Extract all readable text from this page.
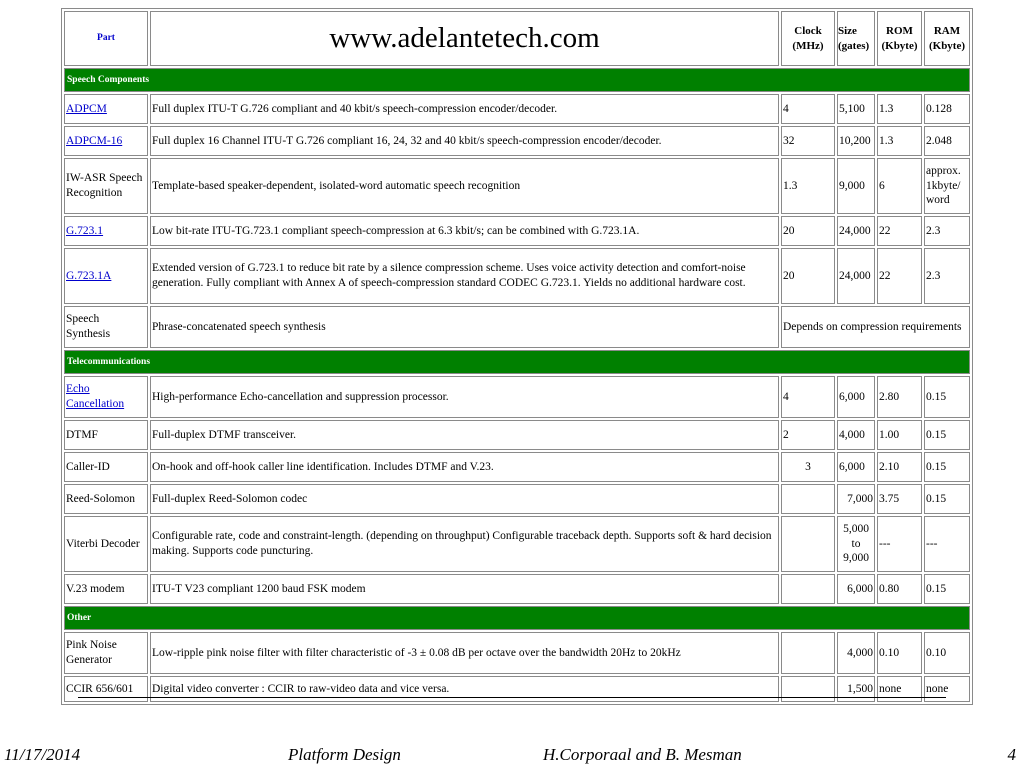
Part	www.adelantetech.com	Clock (MHz)	Size (gates)	ROM (Kbyte)	RAM (Kbyte)
Speech Components					
ADPCM	Full duplex ITU-T G.726 compliant and 40 kbit/s speech-compression encoder/decoder.	4	5,100	1.3	0.128
ADPCM-16	Full duplex 16 Channel ITU-T G.726 compliant 16, 24, 32 and 40 kbit/s speech-compression encoder/decoder.	32	10,200	1.3	2.048
IW-ASR Speech Recognition	Template-based speaker-dependent, isolated-word automatic speech recognition	1.3	9,000	6	approx. 1kbyte/ word
G.723.1	Low bit-rate ITU-TG.723.1 compliant speech-compression at 6.3 kbit/s; can be combined with G.723.1A.	20	24,000	22	2.3
G.723.1A	Extended version of G.723.1 to reduce bit rate by a silence compression scheme. Uses voice activity detection and comfort-noise generation. Fully compliant with Annex A of speech-compression standard CODEC G.723.1. Yields no additional hardware cost.	20	24,000	22	2.3
Speech Synthesis	Phrase-concatenated speech synthesis	Depends on compression requirements			
Telecommunications					
Echo Cancellation	High-performance Echo-cancellation and suppression processor.	4	6,000	2.80	0.15
DTMF	Full-duplex DTMF transceiver.	2	4,000	1.00	0.15
Caller-ID	On-hook and off-hook caller line identification. Includes DTMF and V.23.	3	6,000	2.10	0.15
Reed-Solomon	Full-duplex Reed-Solomon codec		7,000	3.75	0.15
Viterbi Decoder	Configurable rate, code and constraint-length. (depending on throughput) Configurable traceback depth. Supports soft & hard decision making. Supports code puncturing.		5,000 to 9,000	---	---
V.23 modem	ITU-T V23 compliant 1200 baud FSK modem		6,000	0.80	0.15
Other					
Pink Noise Generator	Low-ripple pink noise filter with filter characteristic of -3 ± 0.08 dB per octave over the bandwidth 20Hz to 20kHz		4,000	0.10	0.10
CCIR 656/601	Digital video converter : CCIR to raw-video data and vice versa.		1,500	none	none
11/17/2014	Platform Design	H.Corporaal and B. Mesman	4
